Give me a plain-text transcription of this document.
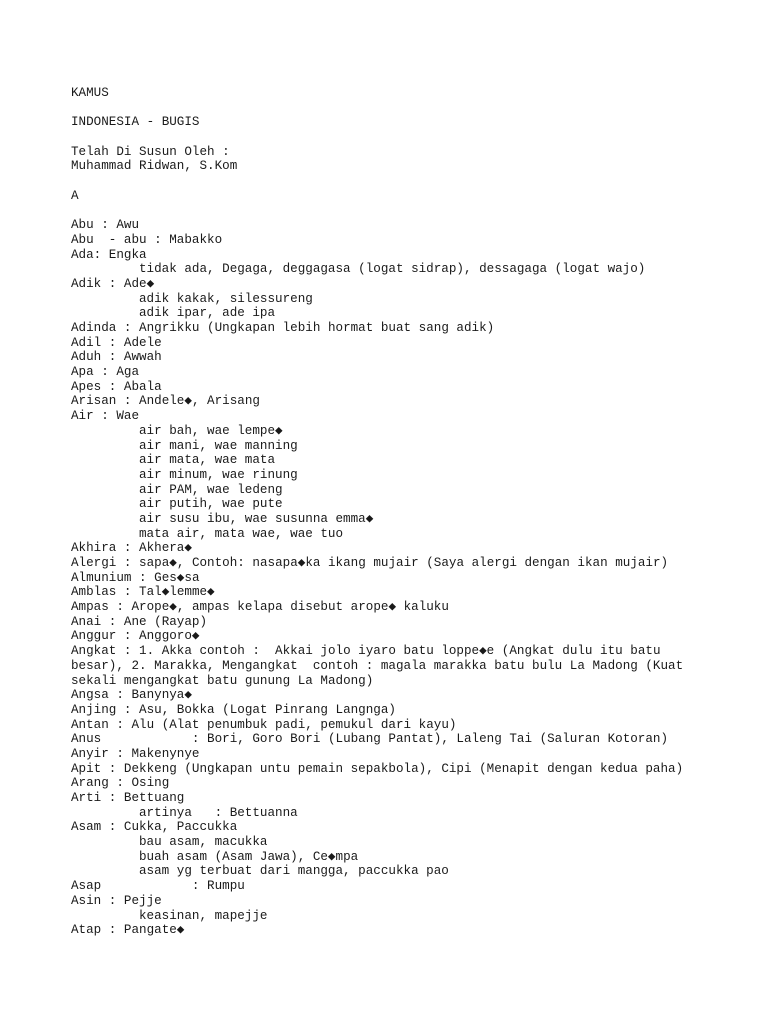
KAMUS
INDONESIA - BUGIS
Telah Di Susun Oleh :
Muhammad Ridwan, S.Kom
A
Abu : Awu
Abu  - abu : Mabakko
Ada: Engka
tidak ada, Degaga, deggagasa (logat sidrap), dessagaga (logat wajo)
Adik : Ade◆
adik kakak, silessureng
adik ipar, ade ipa
Adinda : Angrikku (Ungkapan lebih hormat buat sang adik)
Adil : Adele
Aduh : Awwah
Apa : Aga
Apes : Abala
Arisan : Andele◆, Arisang
Air : Wae
air bah, wae lempe◆
air mani, wae manning
air mata, wae mata
air minum, wae rinung
air PAM, wae ledeng
air putih, wae pute
air susu ibu, wae susunna emma◆
mata air, mata wae, wae tuo
Akhira : Akhera◆
Alergi : sapa◆, Contoh: nasapa◆ka ikang mujair (Saya alergi dengan ikan mujair)
Almunium : Ges◆sa
Amblas : Tal◆lemme◆
Ampas : Arope◆, ampas kelapa disebut arope◆ kaluku
Anai : Ane (Rayap)
Anggur : Anggoro◆
Angkat : 1. Akka contoh :  Akkai jolo iyaro batu loppe◆e (Angkat dulu itu batu
besar), 2. Marakka, Mengangkat  contoh : magala marakka batu bulu La Madong (Kuat
sekali mengangkat batu gunung La Madong)
Angsa : Banynya◆
Anjing : Asu, Bokka (Logat Pinrang Langnga)
Antan : Alu (Alat penumbuk padi, pemukul dari kayu)
Anus            : Bori, Goro Bori (Lubang Pantat), Laleng Tai (Saluran Kotoran)
Anyir : Makenynye
Apit : Dekkeng (Ungkapan untu pemain sepakbola), Cipi (Menapit dengan kedua paha)
Arang : Osing
Arti : Bettuang
artinya   : Bettuanna
Asam : Cukka, Paccukka
bau asam, macukka
buah asam (Asam Jawa), Ce◆mpa
asam yg terbuat dari mangga, paccukka pao
Asap            : Rumpu
Asin : Pejje
keasinan, mapejje
Atap : Pangate◆
